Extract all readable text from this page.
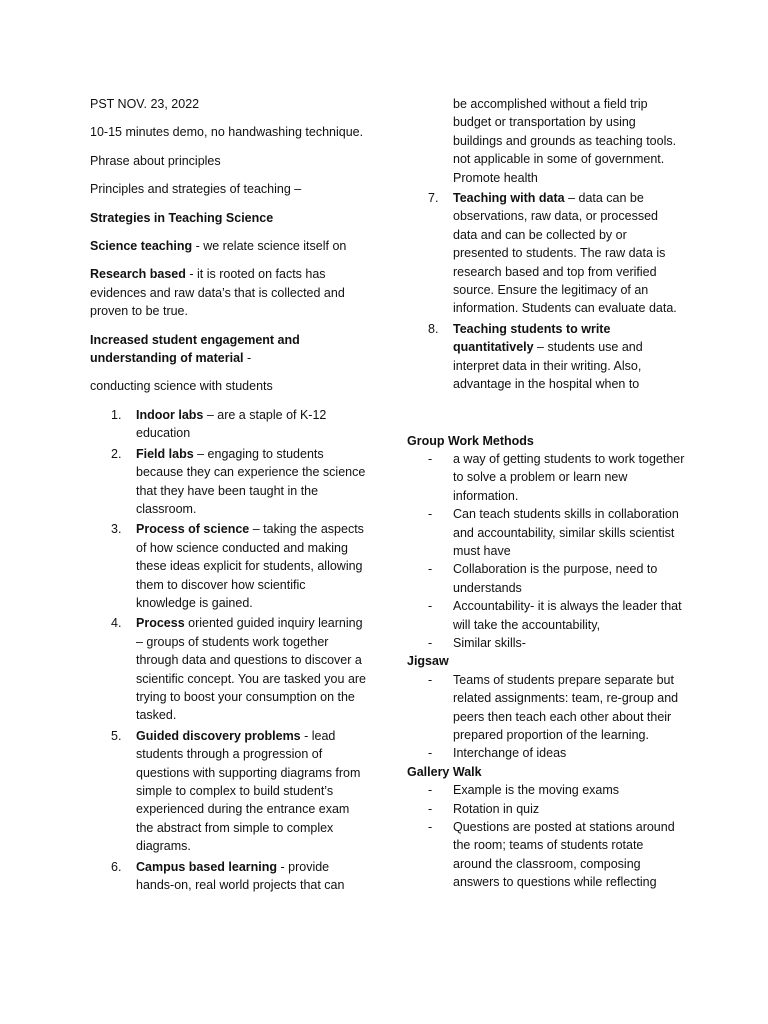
PST NOV. 23, 2022

10-15 minutes demo, no handwashing technique.

Phrase about principles

Principles and strategies of teaching –

Strategies in Teaching Science

Science teaching - we relate science itself on

Research based - it is rooted on facts has evidences and raw data’s that is collected and proven to be true.

Increased student engagement and understanding of material -

conducting science with students

1. Indoor labs – are a staple of K-12 education
2. Field labs – engaging to students because they can experience the science that they have been taught in the classroom.
3. Process of science – taking the aspects of how science conducted and making these ideas explicit for students, allowing them to discover how scientific knowledge is gained.
4. Process oriented guided inquiry learning – groups of students work together through data and questions to discover a scientific concept. You are tasked you are trying to boost your consumption on the tasked.
5. Guided discovery problems - lead students through a progression of questions with supporting diagrams from simple to complex to build student’s experienced during the entrance exam the abstract from simple to complex diagrams.
6. Campus based learning - provide hands-on, real world projects that can

be accomplished without a field trip budget or transportation by using buildings and grounds as teaching tools. not applicable in some of government. Promote health

7. Teaching with data – data can be observations, raw data, or processed data and can be collected by or presented to students. The raw data is research based and top from verified source. Ensure the legitimacy of an information. Students can evaluate data.
8. Teaching students to write quantitatively – students use and interpret data in their writing. Also, advantage in the hospital when to

Group Work Methods

- a way of getting students to work together to solve a problem or learn new information.
- Can teach students skills in collaboration and accountability, similar skills scientist must have
- Collaboration is the purpose, need to understands
- Accountability- it is always the leader that will take the accountability,
- Similar skills-

Jigsaw

- Teams of students prepare separate but related assignments: team, re-group and peers then teach each other about their prepared proportion of the learning.
- Interchange of ideas

Gallery Walk

- Example is the moving exams
- Rotation in quiz
- Questions are posted at stations around the room; teams of students rotate around the classroom, composing answers to questions while reflecting
